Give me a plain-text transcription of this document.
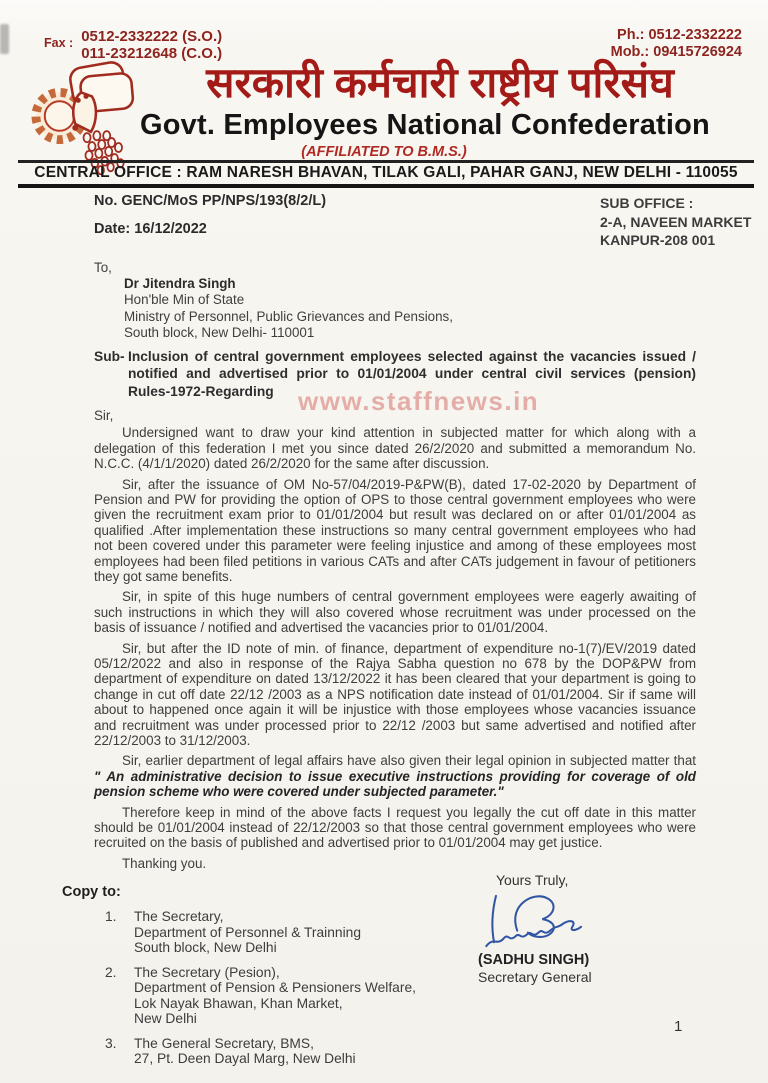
Fax : 0512-2332222 (S.O.)
011-23212648 (C.O.)
Ph.: 0512-2332222
Mob.: 09415726924
सरकारी कर्मचारी राष्ट्रीय परिसंघ
Govt. Employees National Confederation
(AFFILIATED TO B.M.S.)
CENTRAL OFFICE : RAM NARESH BHAVAN, TILAK GALI, PAHAR GANJ, NEW DELHI - 110055
www.staffnews.in
No. GENC/MoS PP/NPS/193(8/2/L)
Date: 16/12/2022
SUB OFFICE :
2-A, NAVEEN MARKET
KANPUR-208 001
To,
Dr Jitendra Singh
Hon'ble Min of State
Ministry of Personnel, Public Grievances and Pensions,
South block, New Delhi- 110001
Sub- Inclusion of central government employees selected against the vacancies issued / notified and advertised prior to 01/01/2004 under central civil services (pension) Rules-1972-Regarding
Sir,

Undersigned want to draw your kind attention in subjected matter for which along with a delegation of this federation I met you since dated 26/2/2020 and submitted a memorandum No. N.C.C. (4/1/1/2020) dated 26/2/2020 for the same after discussion.

Sir, after the issuance of OM No-57/04/2019-P&PW(B), dated 17-02-2020 by Department of Pension and PW for providing the option of OPS to those central government employees who were given the recruitment exam prior to 01/01/2004 but result was declared on or after 01/01/2004 as qualified .After implementation these instructions so many central government employees who had not been covered under this parameter were feeling injustice and among of these employees most employees had been filed petitions in various CATs and after CATs judgement in favour of petitioners they got same benefits.

Sir, in spite of this huge numbers of central government employees were eagerly awaiting of such instructions in which they will also covered whose recruitment was under processed on the basis of issuance / notified and advertised the vacancies prior to 01/01/2004.

Sir, but after the ID note of min. of finance, department of expenditure no-1(7)/EV/2019 dated 05/12/2022 and also in response of the Rajya Sabha question no 678 by the DOP&PW from department of expenditure on dated 13/12/2022 it has been cleared that your department is going to change in cut off date 22/12 /2003 as a NPS notification date instead of 01/01/2004. Sir if same will about to happened once again it will be injustice with those employees whose vacancies issuance and recruitment was under processed prior to 22/12 /2003 but same advertised and notified after 22/12/2003 to 31/12/2003.

Sir, earlier department of legal affairs have also given their legal opinion in subjected matter that " An administrative decision to issue executive instructions providing for coverage of old pension scheme who were covered under subjected parameter."

Therefore keep in mind of the above facts I request you legally the cut off date in this matter should be 01/01/2004 instead of 22/12/2003 so that those central government employees who were recruited on the basis of published and advertised prior to 01/01/2004 may get justice.

Thanking you.
Yours Truly,
(SADHU SINGH)
Secretary General
Copy to:
1.	The Secretary,
Department of Personnel & Trainning
South block, New Delhi
2.	The Secretary (Pesion),
Department of Pension & Pensioners Welfare,
Lok Nayak Bhawan, Khan Market,
New Delhi
3.	The General Secretary, BMS,
27, Pt. Deen Dayal Marg, New Delhi
1
